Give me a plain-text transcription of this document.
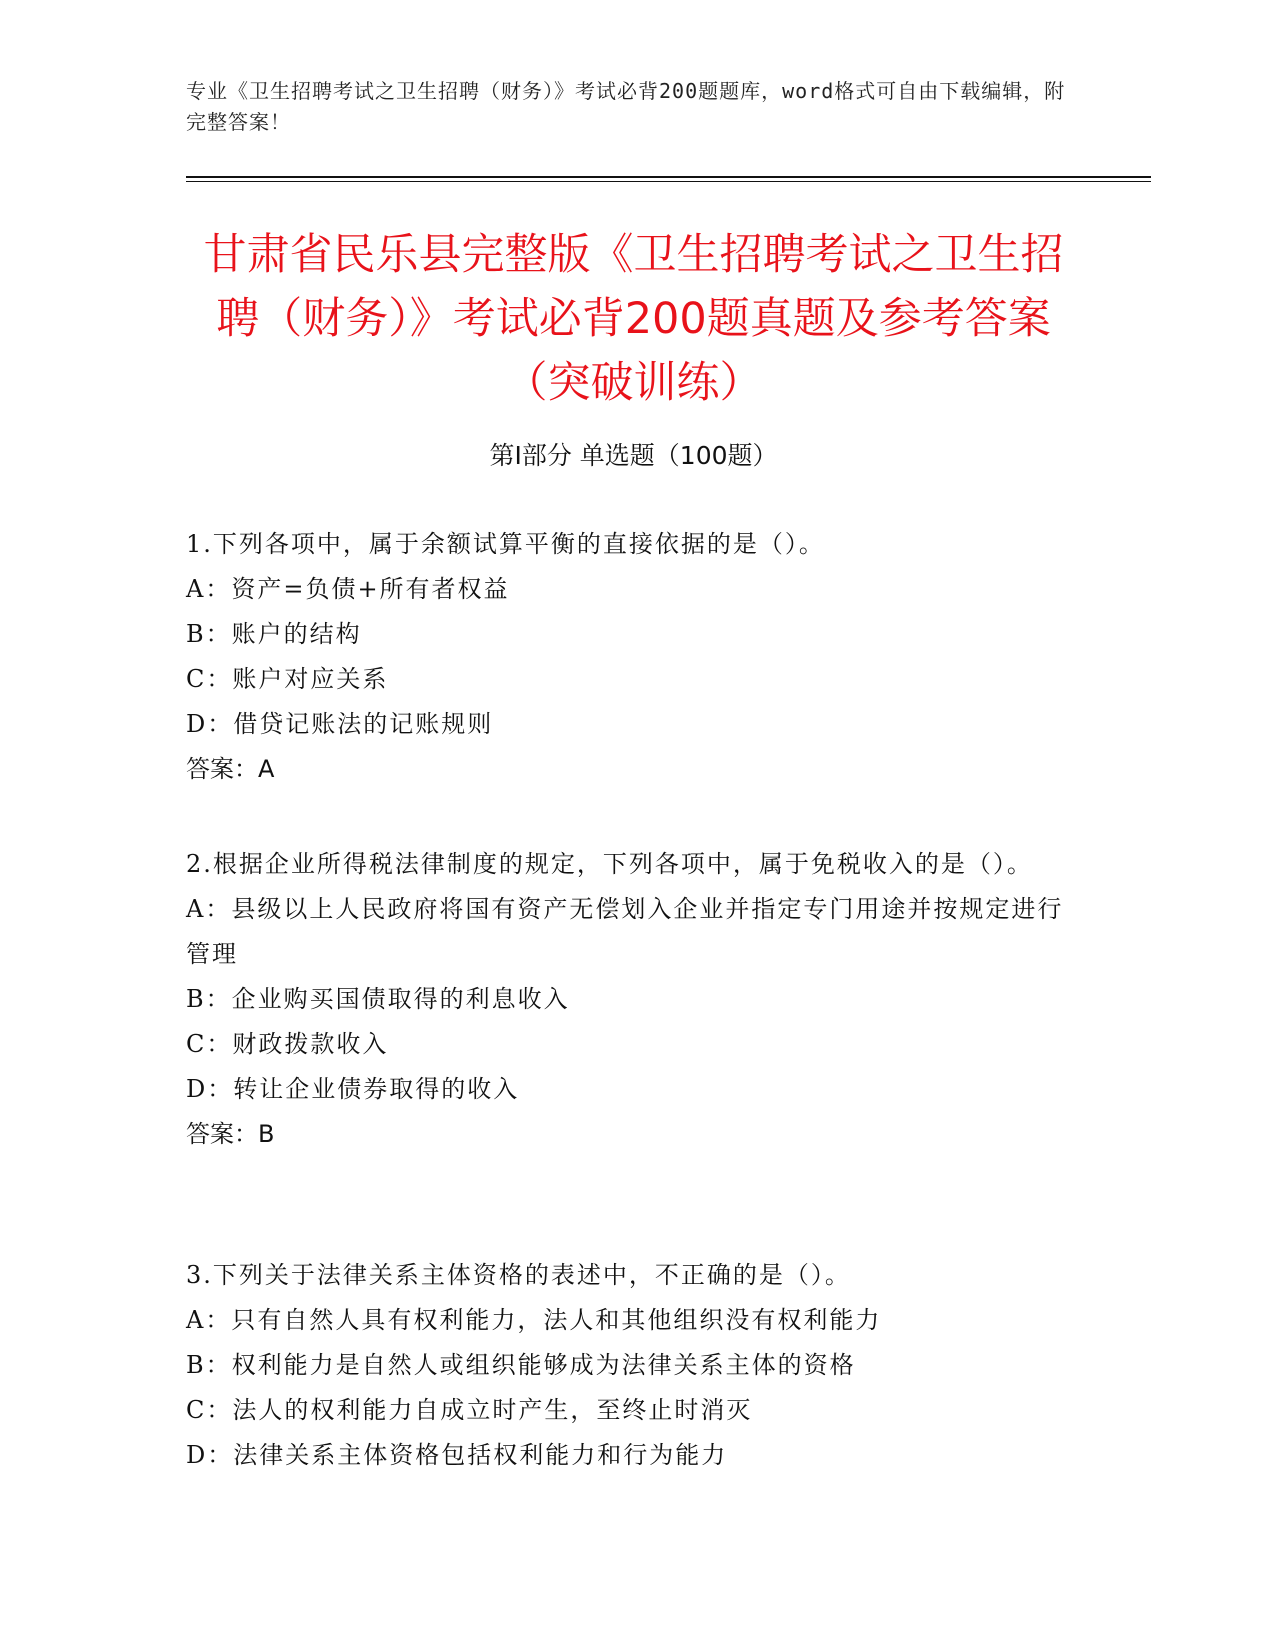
专业《卫生招聘考试之卫生招聘（财务）》考试必背200题题库，word格式可自由下载编辑，附完整答案！
甘肃省民乐县完整版《卫生招聘考试之卫生招聘（财务）》考试必背200题真题及参考答案（突破训练）
第Ⅰ部分 单选题（100题）
1.下列各项中，属于余额试算平衡的直接依据的是（）。
A：资产=负债+所有者权益
B：账户的结构
C：账户对应关系
D：借贷记账法的记账规则
答案：A
2.根据企业所得税法律制度的规定，下列各项中，属于免税收入的是（）。
A：县级以上人民政府将国有资产无偿划入企业并指定专门用途并按规定进行管理
B：企业购买国债取得的利息收入
C：财政拨款收入
D：转让企业债券取得的收入
答案：B
3.下列关于法律关系主体资格的表述中，不正确的是（）。
A：只有自然人具有权利能力，法人和其他组织没有权利能力
B：权利能力是自然人或组织能够成为法律关系主体的资格
C：法人的权利能力自成立时产生，至终止时消灭
D：法律关系主体资格包括权利能力和行为能力
